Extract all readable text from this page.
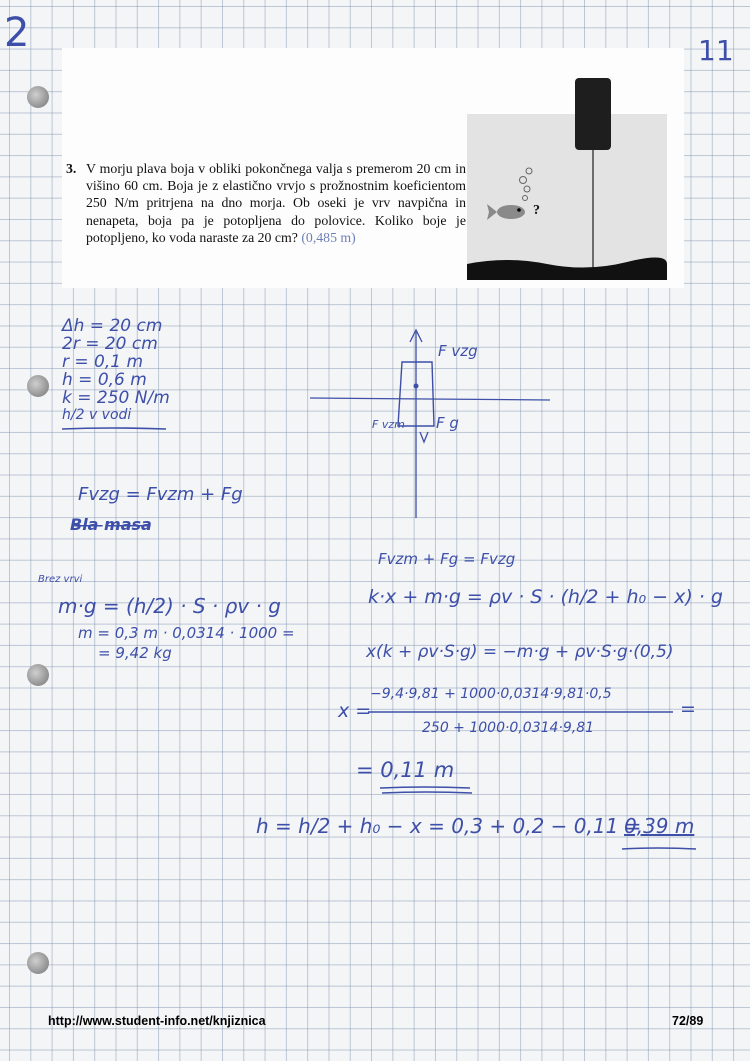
2	11
3. V morju plava boja v obliki pokončnega valja s premerom 20 cm in višino 60 cm. Boja je z elastično vrvjo s prožnostnim koeficientom 250 N/m pritrjena na dno morja. Ob oseki je vrv navpična in nenapeta, boja pa je potopljena do polovice. Koliko boje je potopljeno, ko voda naraste za 20 cm? (0,485 m)
?
Δh = 20 cm
2r = 20 cm
r = 0,1 m
h = 0,6 m
k = 250 N/m
h/2 v vodi
F vzg
F vzm F g
Fvzg = Fvzm + Fg
Bl̶a̶ ̶m̶a̶s̶a̶
Brez vrvi
m·g = (h/2) · S · ρv · g
m = 0,3 m · 0,0314 · 1000 =
= 9,42 kg
Fvzm + Fg = Fvzg
k·x + m·g = ρv · S · (h/2 + h₀ − x) · g
x(k + ρv·S·g) = −m·g + ρv·S·g·(0,5)
x =
−9,4·9,81 + 1000·0,0314·9,81·0,5
250 + 1000·0,0314·9,81
=
= 0,11 m
h = h/2 + h₀ − x = 0,3 + 0,2 − 0,11 =
0,39 m
http://www.student-info.net/knjiznica	72/89
